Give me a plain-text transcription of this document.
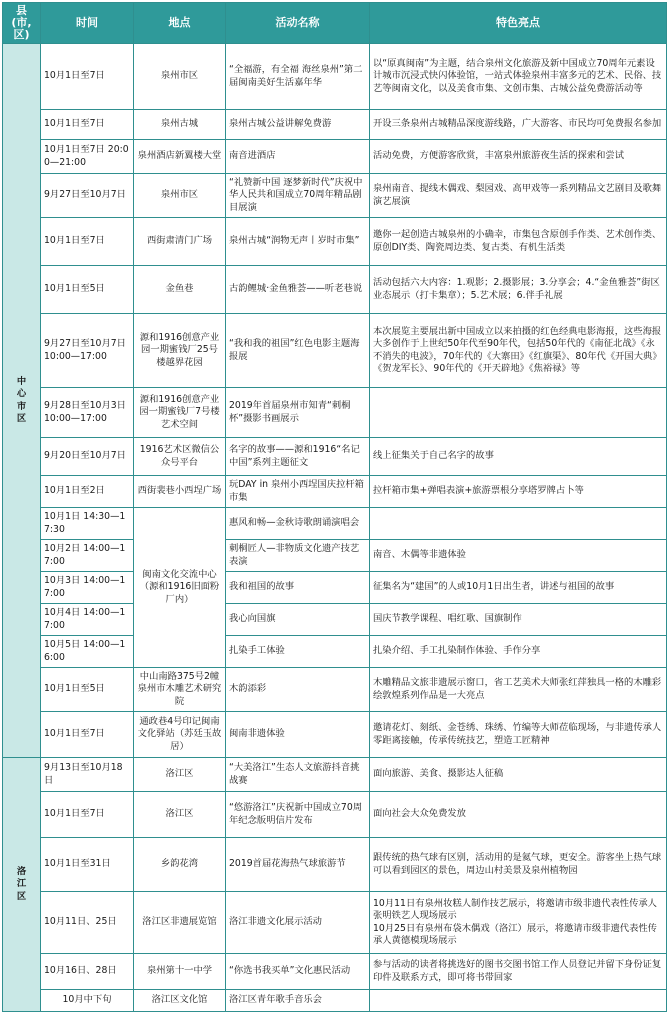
县
(市,区)	时间	地点	活动名称	特色亮点
中心市区	10月1日至7日	泉州市区	“全福游，有全福 海丝泉州”第二届闽南美好生活嘉年华	以“原真闽南”为主题，结合泉州文化旅游及新中国成立70周年元素设计城市沉浸式快闪体验馆，一站式体验泉州丰富多元的艺术、民俗、技艺等闽南文化，以及美食市集、文创市集、古城公益免费游活动等
	10月1日至7日	泉州古城	泉州古城公益讲解免费游	开设三条泉州古城精品深度游线路，广大游客、市民均可免费报名参加
	10月1日至7日 20:00—21:00	泉州酒店新翼楼大堂	南音进酒店	活动免费，方便游客欣赏，丰富泉州旅游夜生活的探索和尝试
	9月27日至10月7日	泉州市区	“礼赞新中国 逐梦新时代”庆祝中华人民共和国成立70周年精品剧目展演	泉州南音、提线木偶戏、梨园戏、高甲戏等一系列精品文艺剧目及歌舞演艺展演
	10月1日至7日	西街肃清门广场	泉州古城“润物无声丨岁时市集”	邀你一起创造古城泉州的小确幸，市集包含原创手作类、艺术创作类、原创DIY类、陶瓷周边类、复古类、有机生活类
	10月1日至5日	金鱼巷	古韵鲤城·金鱼雅荟——听老巷说	活动包括六大内容：1.观影；2.摄影展；3.分享会；4.“金鱼雅荟”街区业态展示（打卡集章）；5.艺术展；6.伴手礼展
	9月27日至10月7日 10:00—17:00	源和1916创意产业园一期蜜钱厂25号楼越界花园	“我和我的祖国”红色电影主题海报展	本次展览主要展出新中国成立以来拍摄的红色经典电影海报，这些海报大多创作于上世纪50年代至90年代，包括50年代的《南征北战》《永不消失的电波》，70年代的《大寨田》《红旗渠》、80年代《开国大典》《贺龙军长》、90年代的《开天辟地》《焦裕禄》等
	9月28日至10月3日 10:00—17:00	源和1916创意产业园一期蜜钱厂7号楼艺术空间	2019年首届泉州市知青“刺桐杯”摄影书画展示	
	9月20日至10月7日	1916艺术区微信公众号平台	名字的故事——源和1916“名记中国”系列主题征文	线上征集关于自己名字的故事
	10月1日至2日	西街裴巷小西埕广场	玩DAY in 泉州小西埕国庆拉杆箱市集	拉杆箱市集+弹唱表演+旅游票根分享塔罗牌占卜等
	10月1日 14:30—17:30	闽南文化交流中心（源和1916旧面粉厂内）	惠风和畅—金秋诗歌朗诵演唱会	
	10月2日 14:00—17:00		刺桐匠人—非物质文化遗产技艺表演	南音、木偶等非遗体验
	10月3日 14:00—17:00		我和祖国的故事	征集名为“建国”的人或10月1日出生者，讲述与祖国的故事
	10月4日 14:00—17:00		我心向国旗	国庆节教学课程、唱红歌、国旗制作
	10月5日 14:00—16:00		扎染手工体验	扎染介绍、手工扎染制作体验、手作分享
	10月1日至5日	中山南路375号2幢泉州市木雕艺术研究院	木韵添彩	木雕精品文旅非遗展示窗口，省工艺美术大师张红萍独具一格的木雕彩绘敦煌系列作品是一大亮点
	10月1日至7日	通政巷4号印记闽南文化驿站（苏廷玉故居）	闽南非遗体验	邀请花灯、刻纸、金苍绣、珠绣、竹编等大师莅临现场，与非遗传承人零距离接触，传承传统技艺，塑造工匠精神
洛江区	9月13日至10月18日	洛江区	“大美洛江”生态人文旅游抖音挑战赛	面向旅游、美食、摄影达人征稿
	10月1日至7日	洛江区	“悠游洛江”庆祝新中国成立70周年纪念版明信片发布	面向社会大众免费发放
	10月1日至31日	乡韵花湾	2019首届花海热气球旅游节	跟传统的热气球有区别，活动用的是氦气球，更安全。游客坐上热气球可以看到园区的景色，周边山村美景及泉州植物园
	10月11日、25日	洛江区非遗展览馆	洛江非遗文化展示活动	10月11日有泉州妆糕人制作技艺展示，将邀请市级非遗代表性传承人张明铁艺人现场展示
10月25日有泉州布袋木偶戏（洛江）展示，将邀请市级非遗代表性传承人黄德模现场展示
	10月16日、28日	泉州第十一中学	“你选书我买单”文化惠民活动	参与活动的读者将挑选好的图书交图书馆工作人员登记并留下身份证复印件及联系方式，即可将书带回家
	10月中下旬	洛江区文化馆	洛江区青年歌手音乐会	
